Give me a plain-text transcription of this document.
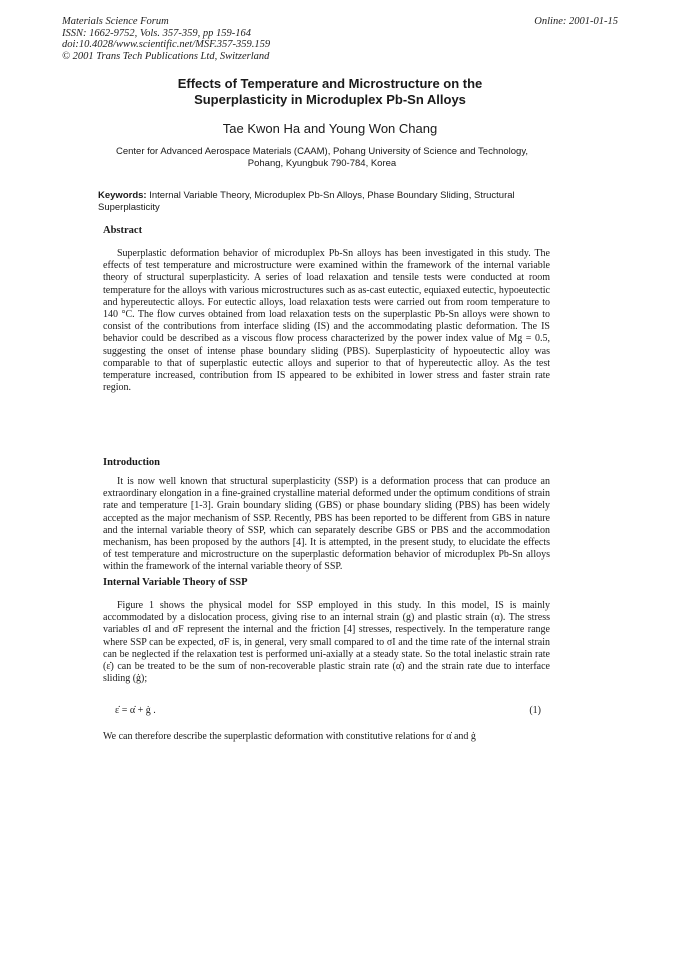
Materials Science Forum
ISSN: 1662-9752, Vols. 357-359, pp 159-164
doi:10.4028/www.scientific.net/MSF.357-359.159
© 2001 Trans Tech Publications Ltd, Switzerland
Online: 2001-01-15
Effects of Temperature and Microstructure on the
Superplasticity in Microduplex Pb-Sn Alloys
Tae Kwon Ha and Young Won Chang
Center for Advanced Aerospace Materials (CAAM), Pohang University of Science and Technology,
Pohang, Kyungbuk 790-784, Korea
Keywords: Internal Variable Theory, Microduplex Pb-Sn Alloys, Phase Boundary Sliding, Structural Superplasticity
Abstract

Superplastic deformation behavior of microduplex Pb-Sn alloys has been investigated in this study. The effects of test temperature and microstructure were examined within the framework of the internal variable theory of structural superplasticity. A series of load relaxation and tensile tests were conducted at room temperature for the alloys with various microstructures such as as-cast eutectic, equiaxed eutectic, hypoeutectic and hypereutectic alloys. For eutectic alloys, load relaxation tests were carried out from room temperature to 140 °C. The flow curves obtained from load relaxation tests on the superplastic Pb-Sn alloys were shown to consist of the contributions from interface sliding (IS) and the accommodating plastic deformation. The IS behavior could be described as a viscous flow process characterized by the power index value of Mg = 0.5, suggesting the onset of intense phase boundary sliding (PBS). Superplasticity of hypoeutectic alloy was comparable to that of superplastic eutectic alloys and superior to that of hypereutectic alloy. As the test temperature increased, contribution from IS appeared to be exhibited in lower stress and faster strain rate region.

Introduction

It is now well known that structural superplasticity (SSP) is a deformation process that can produce an extraordinary elongation in a fine-grained crystalline material deformed under the optimum conditions of strain rate and temperature [1-3]. Grain boundary sliding (GBS) or phase boundary sliding (PBS) has been widely accepted as the major mechanism of SSP. Recently, PBS has been reported to be different from GBS in nature and the internal variable theory of SSP, which can separately describe GBS or PBS and the accommodation mechanism, has been proposed by the authors [4]. It is attempted, in the present study, to elucidate the effects of test temperature and microstructure on the superplastic deformation behavior of microduplex Pb-Sn alloys within the framework of the internal variable theory of SSP.

Internal Variable Theory of SSP

Figure 1 shows the physical model for SSP employed in this study. In this model, IS is mainly accommodated by a dislocation process, giving rise to an internal strain (g) and plastic strain (α). The stress variables σI and σF represent the internal and the friction [4] stresses, respectively. In the temperature range where SSP can be expected, σF is, in general, very small compared to σI and the time rate of the internal strain can be neglected if the relaxation test is performed uni-axially at a steady state. So the total inelastic strain rate (ε̇) can be treated to be the sum of non-recoverable plastic strain rate (α̇) and the strain rate due to interface sliding (ġ);

ε̇ = α̇ + ġ .	(1)

We can therefore describe the superplastic deformation with constitutive relations for α̇ and ġ
